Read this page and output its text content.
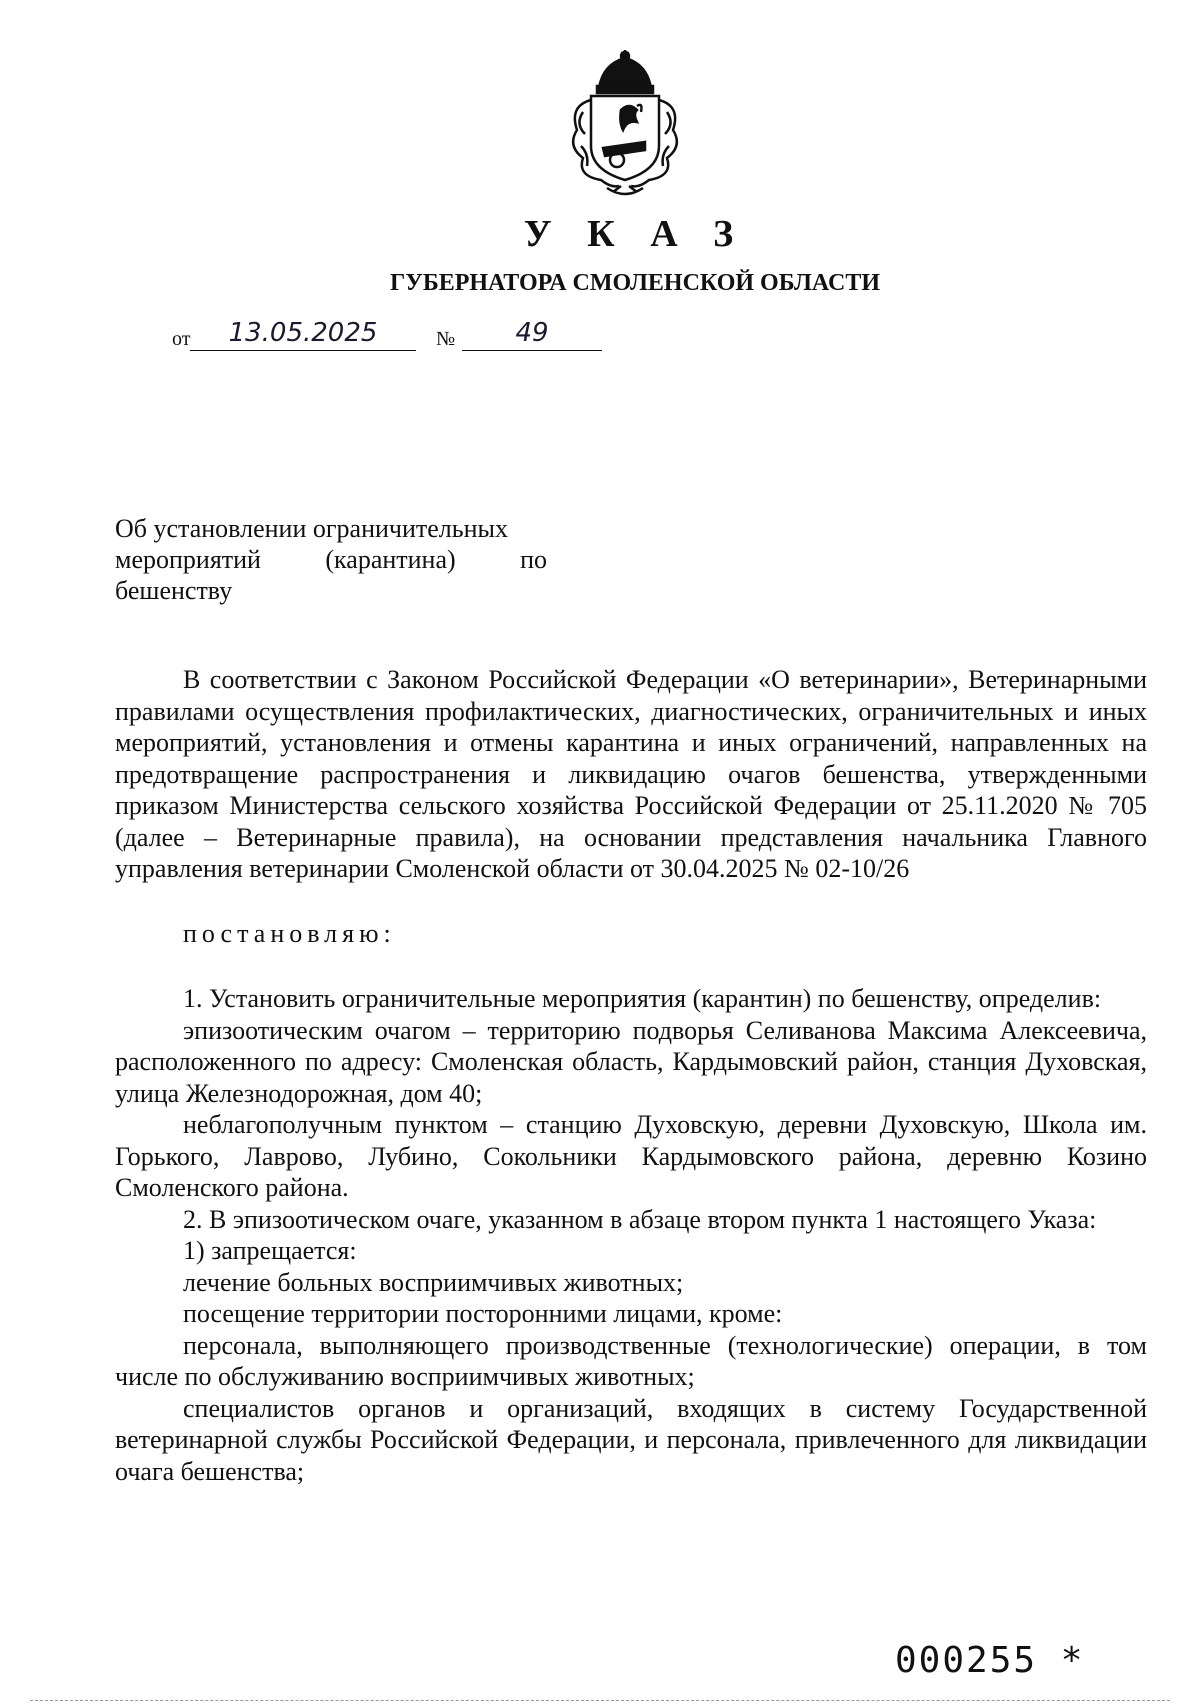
У К А З
ГУБЕРНАТОРА СМОЛЕНСКОЙ ОБЛАСТИ
от	13.05.2025	№	49
Об установлении ограничительных
мероприятий (карантина) по
бешенству

В соответствии с Законом Российской Федерации «О ветеринарии», Ветеринарными правилами осуществления профилактических, диагностических, ограничительных и иных мероприятий, установления и отмены карантина и иных ограничений, направленных на предотвращение распространения и ликвидацию очагов бешенства, утвержденными приказом Министерства сельского хозяйства Российской Федерации от 25.11.2020 № 705 (далее – Ветеринарные правила), на основании представления начальника Главного управления ветеринарии Смоленской области от 30.04.2025 № 02-10/26

постановляю:

1. Установить ограничительные мероприятия (карантин) по бешенству, определив:

эпизоотическим очагом – территорию подворья Селиванова Максима Алексеевича, расположенного по адресу: Смоленская область, Кардымовский район, станция Духовская, улица Железнодорожная, дом 40;

неблагополучным пунктом – станцию Духовскую, деревни Духовскую, Школа им. Горького, Лаврово, Лубино, Сокольники Кардымовского района, деревню Козино Смоленского района.

2. В эпизоотическом очаге, указанном в абзаце втором пункта 1 настоящего Указа:

1) запрещается:

лечение больных восприимчивых животных;

посещение территории посторонними лицами, кроме:

персонала, выполняющего производственные (технологические) операции, в том числе по обслуживанию восприимчивых животных;

специалистов органов и организаций, входящих в систему Государственной ветеринарной службы Российской Федерации, и персонала, привлеченного для ликвидации очага бешенства;

000255 *
